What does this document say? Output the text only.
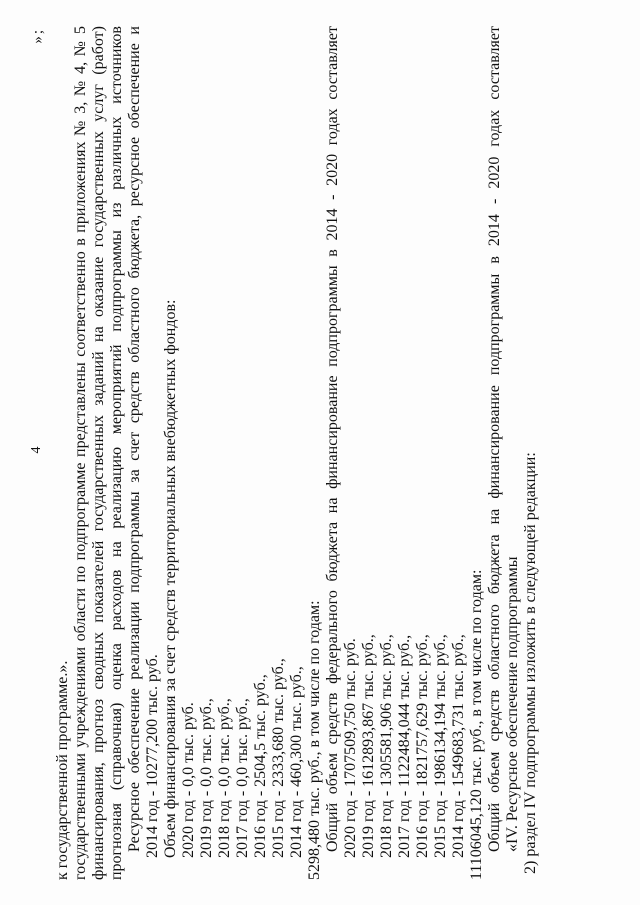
4
»;
2) раздел IV подпрограммы изложить в следующей редакции:
«IV. Ресурсное обеспечение подпрограммы
Общий объем средств областного бюджета на финансирование подпрограммы в 2014 - 2020 годах составляет
11106045,120 тыс. руб., в том числе по годам:
2014 год - 1549683,731 тыс. руб.,
2015 год - 1986134,194 тыс. руб.,
2016 год - 1821757,629 тыс. руб.,
2017 год - 1122484,044 тыс. руб.,
2018 год - 1305581,906 тыс. руб.,
2019 год - 1612893,867 тыс. руб.,
2020 год - 1707509,750 тыс. руб.
Общий объем средств федерального бюджета на финансирование подпрограммы в 2014 - 2020 годах составляет
5298,480 тыс. руб., в том числе по годам:
2014 год - 460,300 тыс. руб.,
2015 год - 2333,680 тыс. руб.,
2016 год - 2504,5 тыс. руб.,
2017 год - 0,0 тыс. руб.,
2018 год - 0,0 тыс. руб.,
2019 год - 0,0 тыс. руб.,
2020 год - 0,0 тыс. руб.
Объем финансирования за счет средств территориальных внебюджетных фондов:
2014 год - 10277,200 тыс. руб.
Ресурсное обеспечение реализации подпрограммы за счет средств областного бюджета, ресурсное обеспечение и
прогнозная (справочная) оценка расходов на реализацию мероприятий подпрограммы из различных источников
финансирования, прогноз сводных показателей государственных заданий на оказание государственных услуг (работ)
государственными учреждениями области по подпрограмме представлены соответственно в приложениях № 3, № 4, № 5
к государственной программе.».
